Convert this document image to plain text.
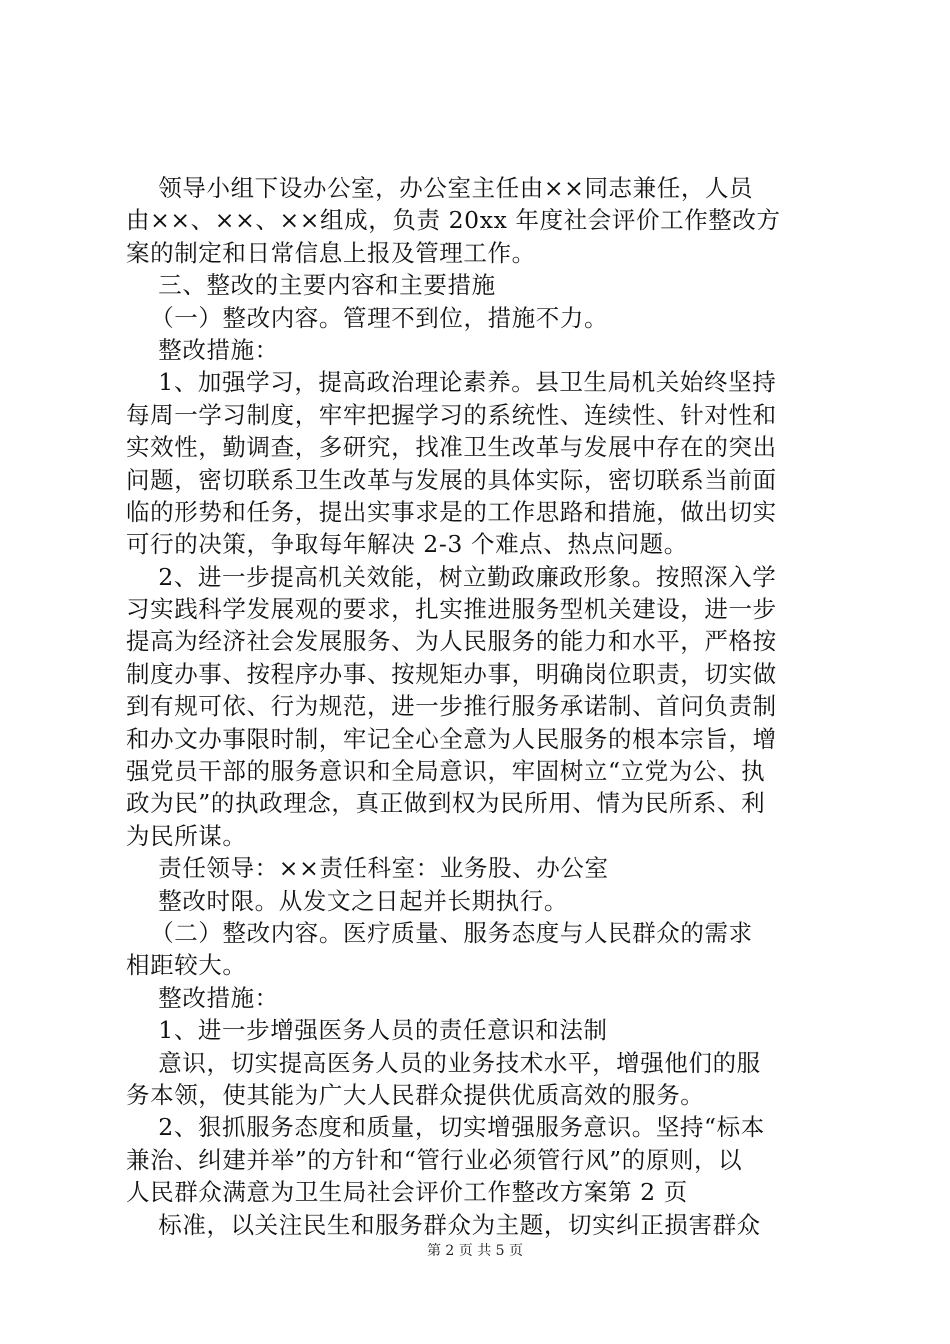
领导小组下设办公室，办公室主任由××同志兼任，人员
由××、××、××组成，负责 20xx 年度社会评价工作整改方
案的制定和日常信息上报及管理工作。
三、整改的主要内容和主要措施
（一）整改内容。管理不到位，措施不力。
整改措施：
1、加强学习，提高政治理论素养。县卫生局机关始终坚持
每周一学习制度，牢牢把握学习的系统性、连续性、针对性和
实效性，勤调查，多研究，找准卫生改革与发展中存在的突出
问题，密切联系卫生改革与发展的具体实际，密切联系当前面
临的形势和任务，提出实事求是的工作思路和措施，做出切实
可行的决策，争取每年解决 2-3 个难点、热点问题。
2、进一步提高机关效能，树立勤政廉政形象。按照深入学
习实践科学发展观的要求，扎实推进服务型机关建设，进一步
提高为经济社会发展服务、为人民服务的能力和水平，严格按
制度办事、按程序办事、按规矩办事，明确岗位职责，切实做
到有规可依、行为规范，进一步推行服务承诺制、首问负责制
和办文办事限时制，牢记全心全意为人民服务的根本宗旨，增
强党员干部的服务意识和全局意识，牢固树立“立党为公、执
政为民”的执政理念，真正做到权为民所用、情为民所系、利
为民所谋。
责任领导：××责任科室：业务股、办公室
整改时限。从发文之日起并长期执行。
（二）整改内容。医疗质量、服务态度与人民群众的需求
相距较大。
整改措施：
1、进一步增强医务人员的责任意识和法制
意识，切实提高医务人员的业务技术水平，增强他们的服
务本领，使其能为广大人民群众提供优质高效的服务。
2、狠抓服务态度和质量，切实增强服务意识。坚持“标本
兼治、纠建并举”的方针和“管行业必须管行风”的原则，以
人民群众满意为卫生局社会评价工作整改方案第 2 页
标准，以关注民生和服务群众为主题，切实纠正损害群众
第 2 页 共 5 页
